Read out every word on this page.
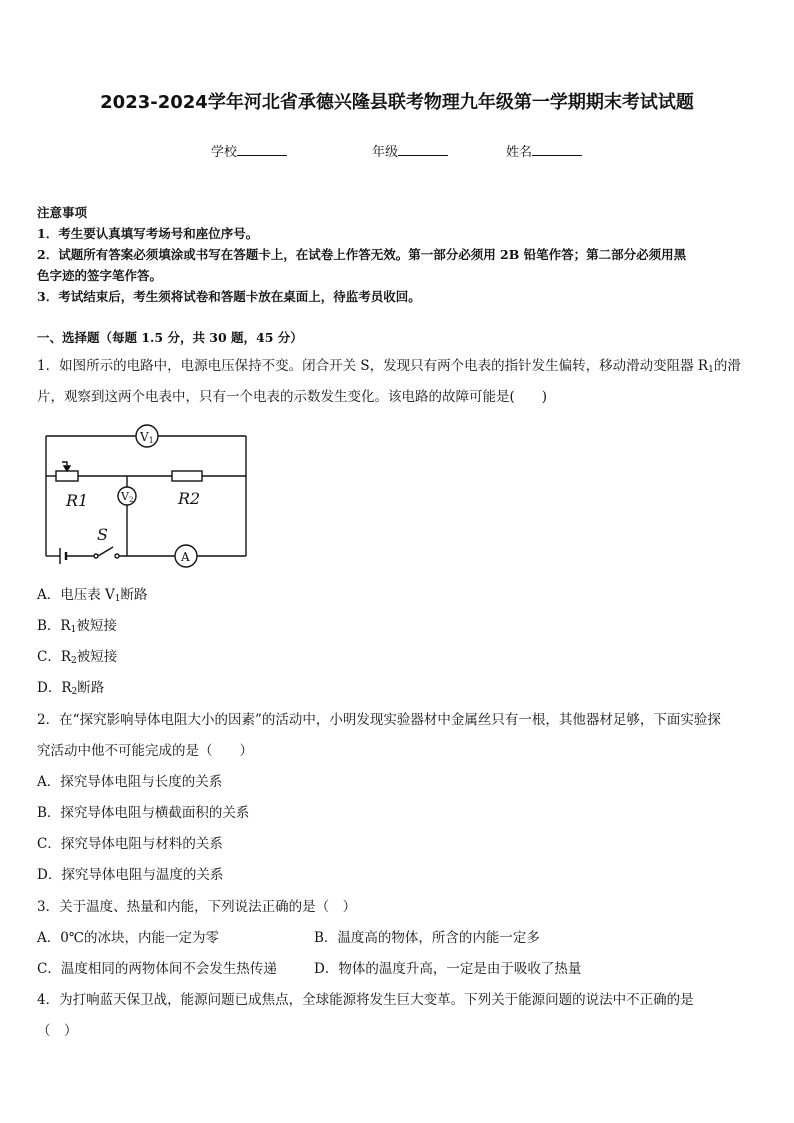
2023-2024学年河北省承德兴隆县联考物理九年级第一学期期末考试试题
学校	年级	姓名
注意事项
1．考生要认真填写考场号和座位序号。
2．试题所有答案必须填涂或书写在答题卡上，在试卷上作答无效。第一部分必须用 2B 铅笔作答；第二部分必须用黑
色字迹的签字笔作答。
3．考试结束后，考生须将试卷和答题卡放在桌面上，待监考员收回。
一、选择题（每题 1.5 分，共 30 题，45 分）
1．如图所示的电路中，电源电压保持不变。闭合开关 S，发现只有两个电表的指针发生偏转，移动滑动变阻器 $R_1$的滑
片，观察到这两个电表中，只有一个电表的示数发生变化。该电路的故障可能是(　　)
V1
V2
A
R1	R2
S
A．电压表 $V_1$断路
B．$R_1$被短接
C．$R_2$被短接
D．$R_2$断路
2．在“探究影响导体电阻大小的因素”的活动中，小明发现实验器材中金属丝只有一根，其他器材足够，下面实验探
究活动中他不可能完成的是（　　）
A．探究导体电阻与长度的关系
B．探究导体电阻与横截面积的关系
C．探究导体电阻与材料的关系
D．探究导体电阻与温度的关系
3．关于温度、热量和内能，下列说法正确的是（　）
A．0℃的冰块，内能一定为零	B．温度高的物体，所含的内能一定多
C．温度相同的两物体间不会发生热传递	D．物体的温度升高，一定是由于吸收了热量
4．为打响蓝天保卫战，能源问题已成焦点，全球能源将发生巨大变革。下列关于能源问题的说法中不正确的是
（　）
